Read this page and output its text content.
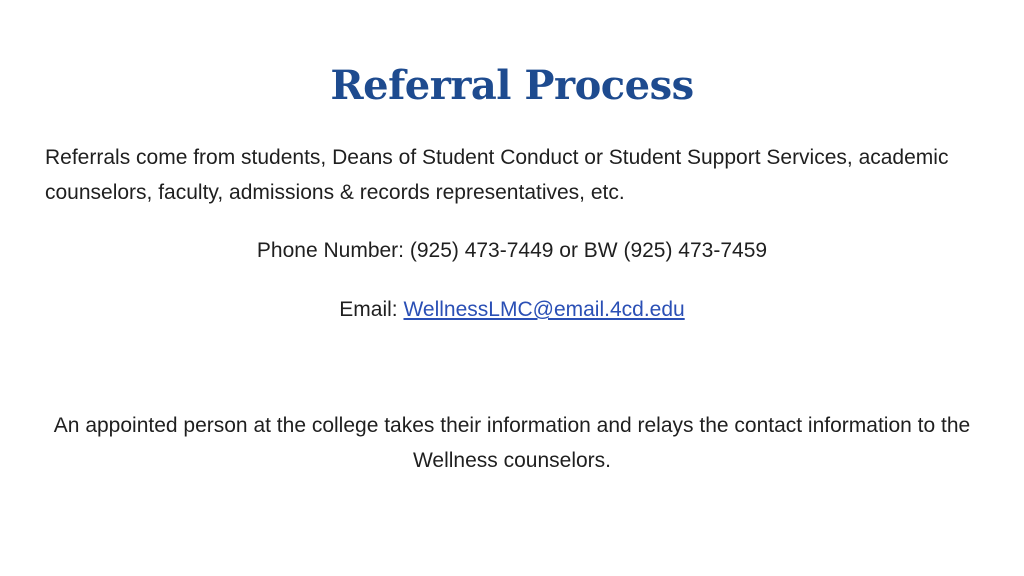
Referral Process
Referrals come from students, Deans of Student Conduct or Student Support Services, academic counselors, faculty, admissions & records representatives, etc.
Phone Number: (925) 473-7449 or BW (925) 473-7459
Email: WellnessLMC@email.4cd.edu
An appointed person at the college takes their information and relays the contact information to the Wellness counselors.
